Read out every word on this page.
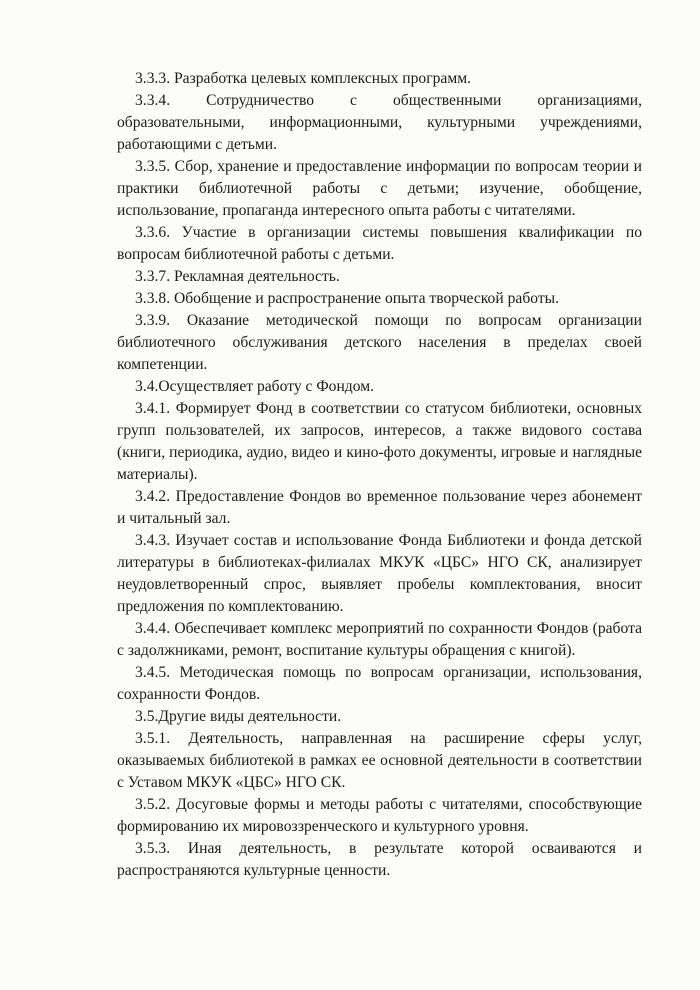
3.3.3. Разработка целевых комплексных программ.

3.3.4. Сотрудничество с общественными организациями, образовательными, информационными, культурными учреждениями, работающими с детьми.

3.3.5. Сбор, хранение и предоставление информации по вопросам теории и практики библиотечной работы с детьми; изучение, обобщение, использование, пропаганда интересного опыта работы с читателями.

3.3.6. Участие в организации системы повышения квалификации по вопросам библиотечной работы с детьми.

3.3.7. Рекламная деятельность.

3.3.8. Обобщение и распространение опыта творческой работы.

3.3.9. Оказание методической помощи по вопросам организации библиотечного обслуживания детского населения в пределах своей компетенции.

3.4.Осуществляет работу с Фондом.

3.4.1. Формирует Фонд в соответствии со статусом библиотеки, основных групп пользователей, их запросов, интересов, а также видового состава (книги, периодика, аудио, видео и кино-фото документы, игровые и наглядные материалы).

3.4.2. Предоставление Фондов во временное пользование через абонемент и читальный зал.

3.4.3. Изучает состав и использование Фонда Библиотеки и фонда детской литературы в библиотеках-филиалах МКУК «ЦБС» НГО СК, анализирует неудовлетворенный спрос, выявляет пробелы комплектования, вносит предложения по комплектованию.

3.4.4. Обеспечивает комплекс мероприятий по сохранности Фондов (работа с задолжниками, ремонт, воспитание культуры обращения с книгой).

3.4.5. Методическая помощь по вопросам организации, использования, сохранности Фондов.

3.5.Другие виды деятельности.

3.5.1. Деятельность, направленная на расширение сферы услуг, оказываемых библиотекой в рамках ее основной деятельности в соответствии с Уставом МКУК «ЦБС» НГО СК.

3.5.2. Досуговые формы и методы работы с читателями, способствующие формированию их мировоззренческого и культурного уровня.

3.5.3. Иная деятельность, в результате которой осваиваются и распространяются культурные ценности.
